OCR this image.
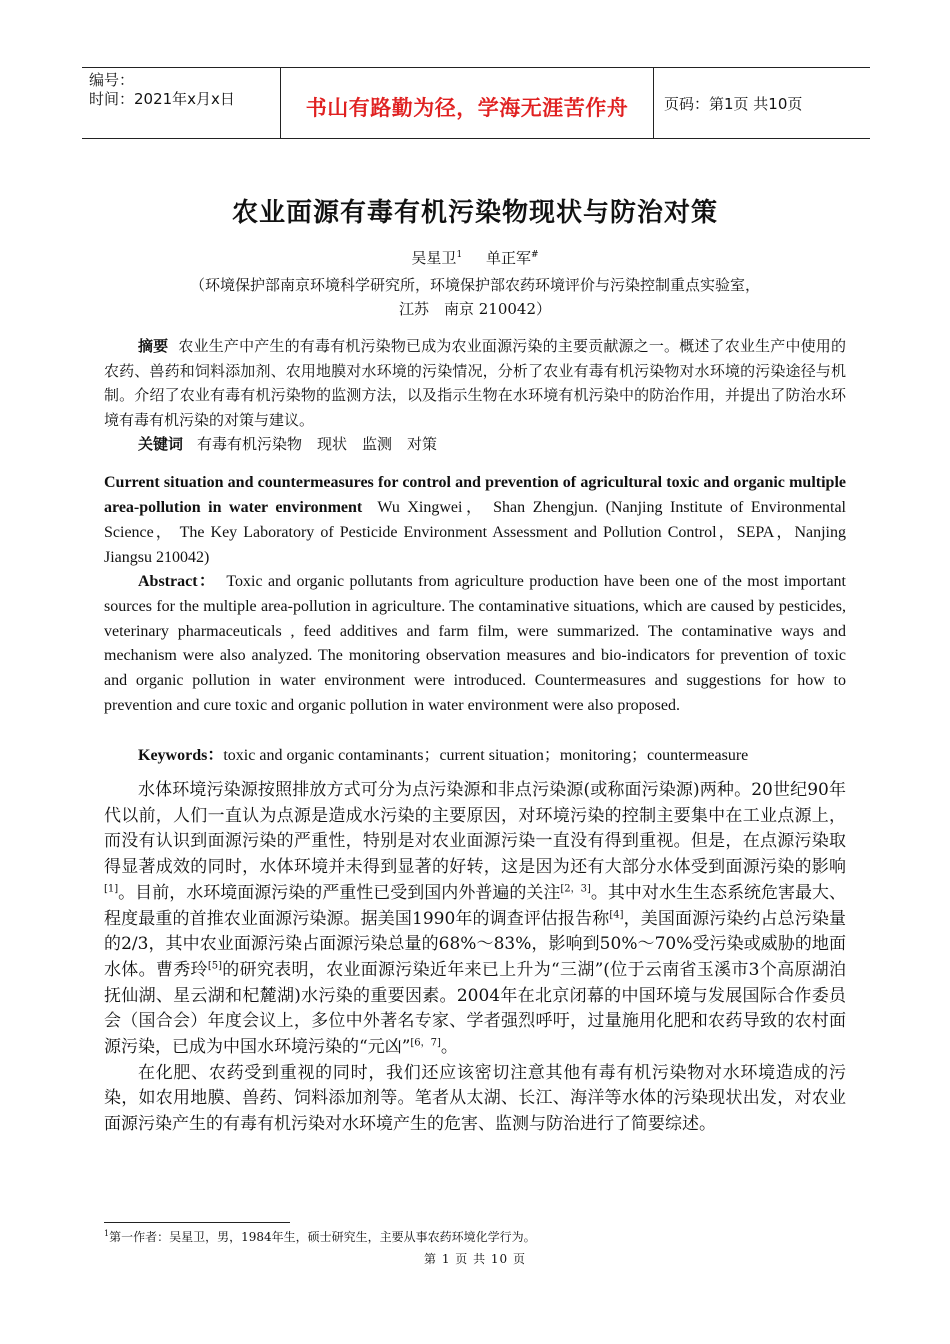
编号：
时间：2021年x月x日	书山有路勤为径，学海无涯苦作舟	页码：第1页 共10页
农业面源有毒有机污染物现状与防治对策
吴星卫$^1$ 单正军#
（环境保护部南京环境科学研究所，环境保护部农药环境评价与污染控制重点实验室，
江苏　南京 210042）
摘要 农业生产中产生的有毒有机污染物已成为农业面源污染的主要贡献源之一。概述了农业生产中使用的农药、兽药和饲料添加剂、农用地膜对水环境的污染情况，分析了农业有毒有机污染物对水环境的污染途径与机制。介绍了农业有毒有机污染物的监测方法，以及指示生物在水环境有机污染中的防治作用，并提出了防治水环境有毒有机污染的对策与建议。
关键词 有毒有机污染物　现状　监测　对策
Current situation and countermeasures for control and prevention of agricultural toxic and organic multiple area-pollution in water environment Wu Xingwei， Shan Zhengjun. (Nanjing Institute of Environmental Science， The Key Laboratory of Pesticide Environment Assessment and Pollution Control，SEPA，Nanjing Jiangsu 210042)
Abstract： Toxic and organic pollutants from agriculture production have been one of the most important sources for the multiple area-pollution in agriculture. The contaminative situations, which are caused by pesticides, veterinary pharmaceuticals , feed additives and farm film, were summarized. The contaminative ways and mechanism were also analyzed. The monitoring observation measures and bio-indicators for prevention of toxic and organic pollution in water environment were introduced. Countermeasures and suggestions for how to prevention and cure toxic and organic pollution in water environment were also proposed.
Keywords：toxic and organic contaminants；current situation；monitoring；countermeasure

水体环境污染源按照排放方式可分为点污染源和非点污染源(或称面污染源)两种。20世纪90年代以前，人们一直认为点源是造成水污染的主要原因，对环境污染的控制主要集中在工业点源上，而没有认识到面源污染的严重性，特别是对农业面源污染一直没有得到重视。但是，在点源污染取得显著成效的同时，水体环境并未得到显著的好转，这是因为还有大部分水体受到面源污染的影响[1]。目前，水环境面源污染的严重性已受到国内外普遍的关注[2，3]。其中对水生生态系统危害最大、程度最重的首推农业面源污染源。据美国1990年的调查评估报告称[4]，美国面源污染约占总污染量的2/3，其中农业面源污染占面源污染总量的68%～83%，影响到50%～70%受污染或威胁的地面水体。曹秀玲[5]的研究表明，农业面源污染近年来已上升为“三湖”(位于云南省玉溪市3个高原湖泊抚仙湖、星云湖和杞麓湖)水污染的重要因素。2004年在北京闭幕的中国环境与发展国际合作委员会（国合会）年度会议上，多位中外著名专家、学者强烈呼吁，过量施用化肥和农药导致的农村面源污染，已成为中国水环境污染的“元凶”[6，7]。

在化肥、农药受到重视的同时，我们还应该密切注意其他有毒有机污染物对水环境造成的污染，如农用地膜、兽药、饲料添加剂等。笔者从太湖、长江、海洋等水体的污染现状出发，对农业面源污染产生的有毒有机污染对水环境产生的危害、监测与防治进行了简要综述。

$^1$第一作者：吴星卫，男，1984年生，硕士研究生，主要从事农药环境化学行为。
第 1 页 共 10 页
